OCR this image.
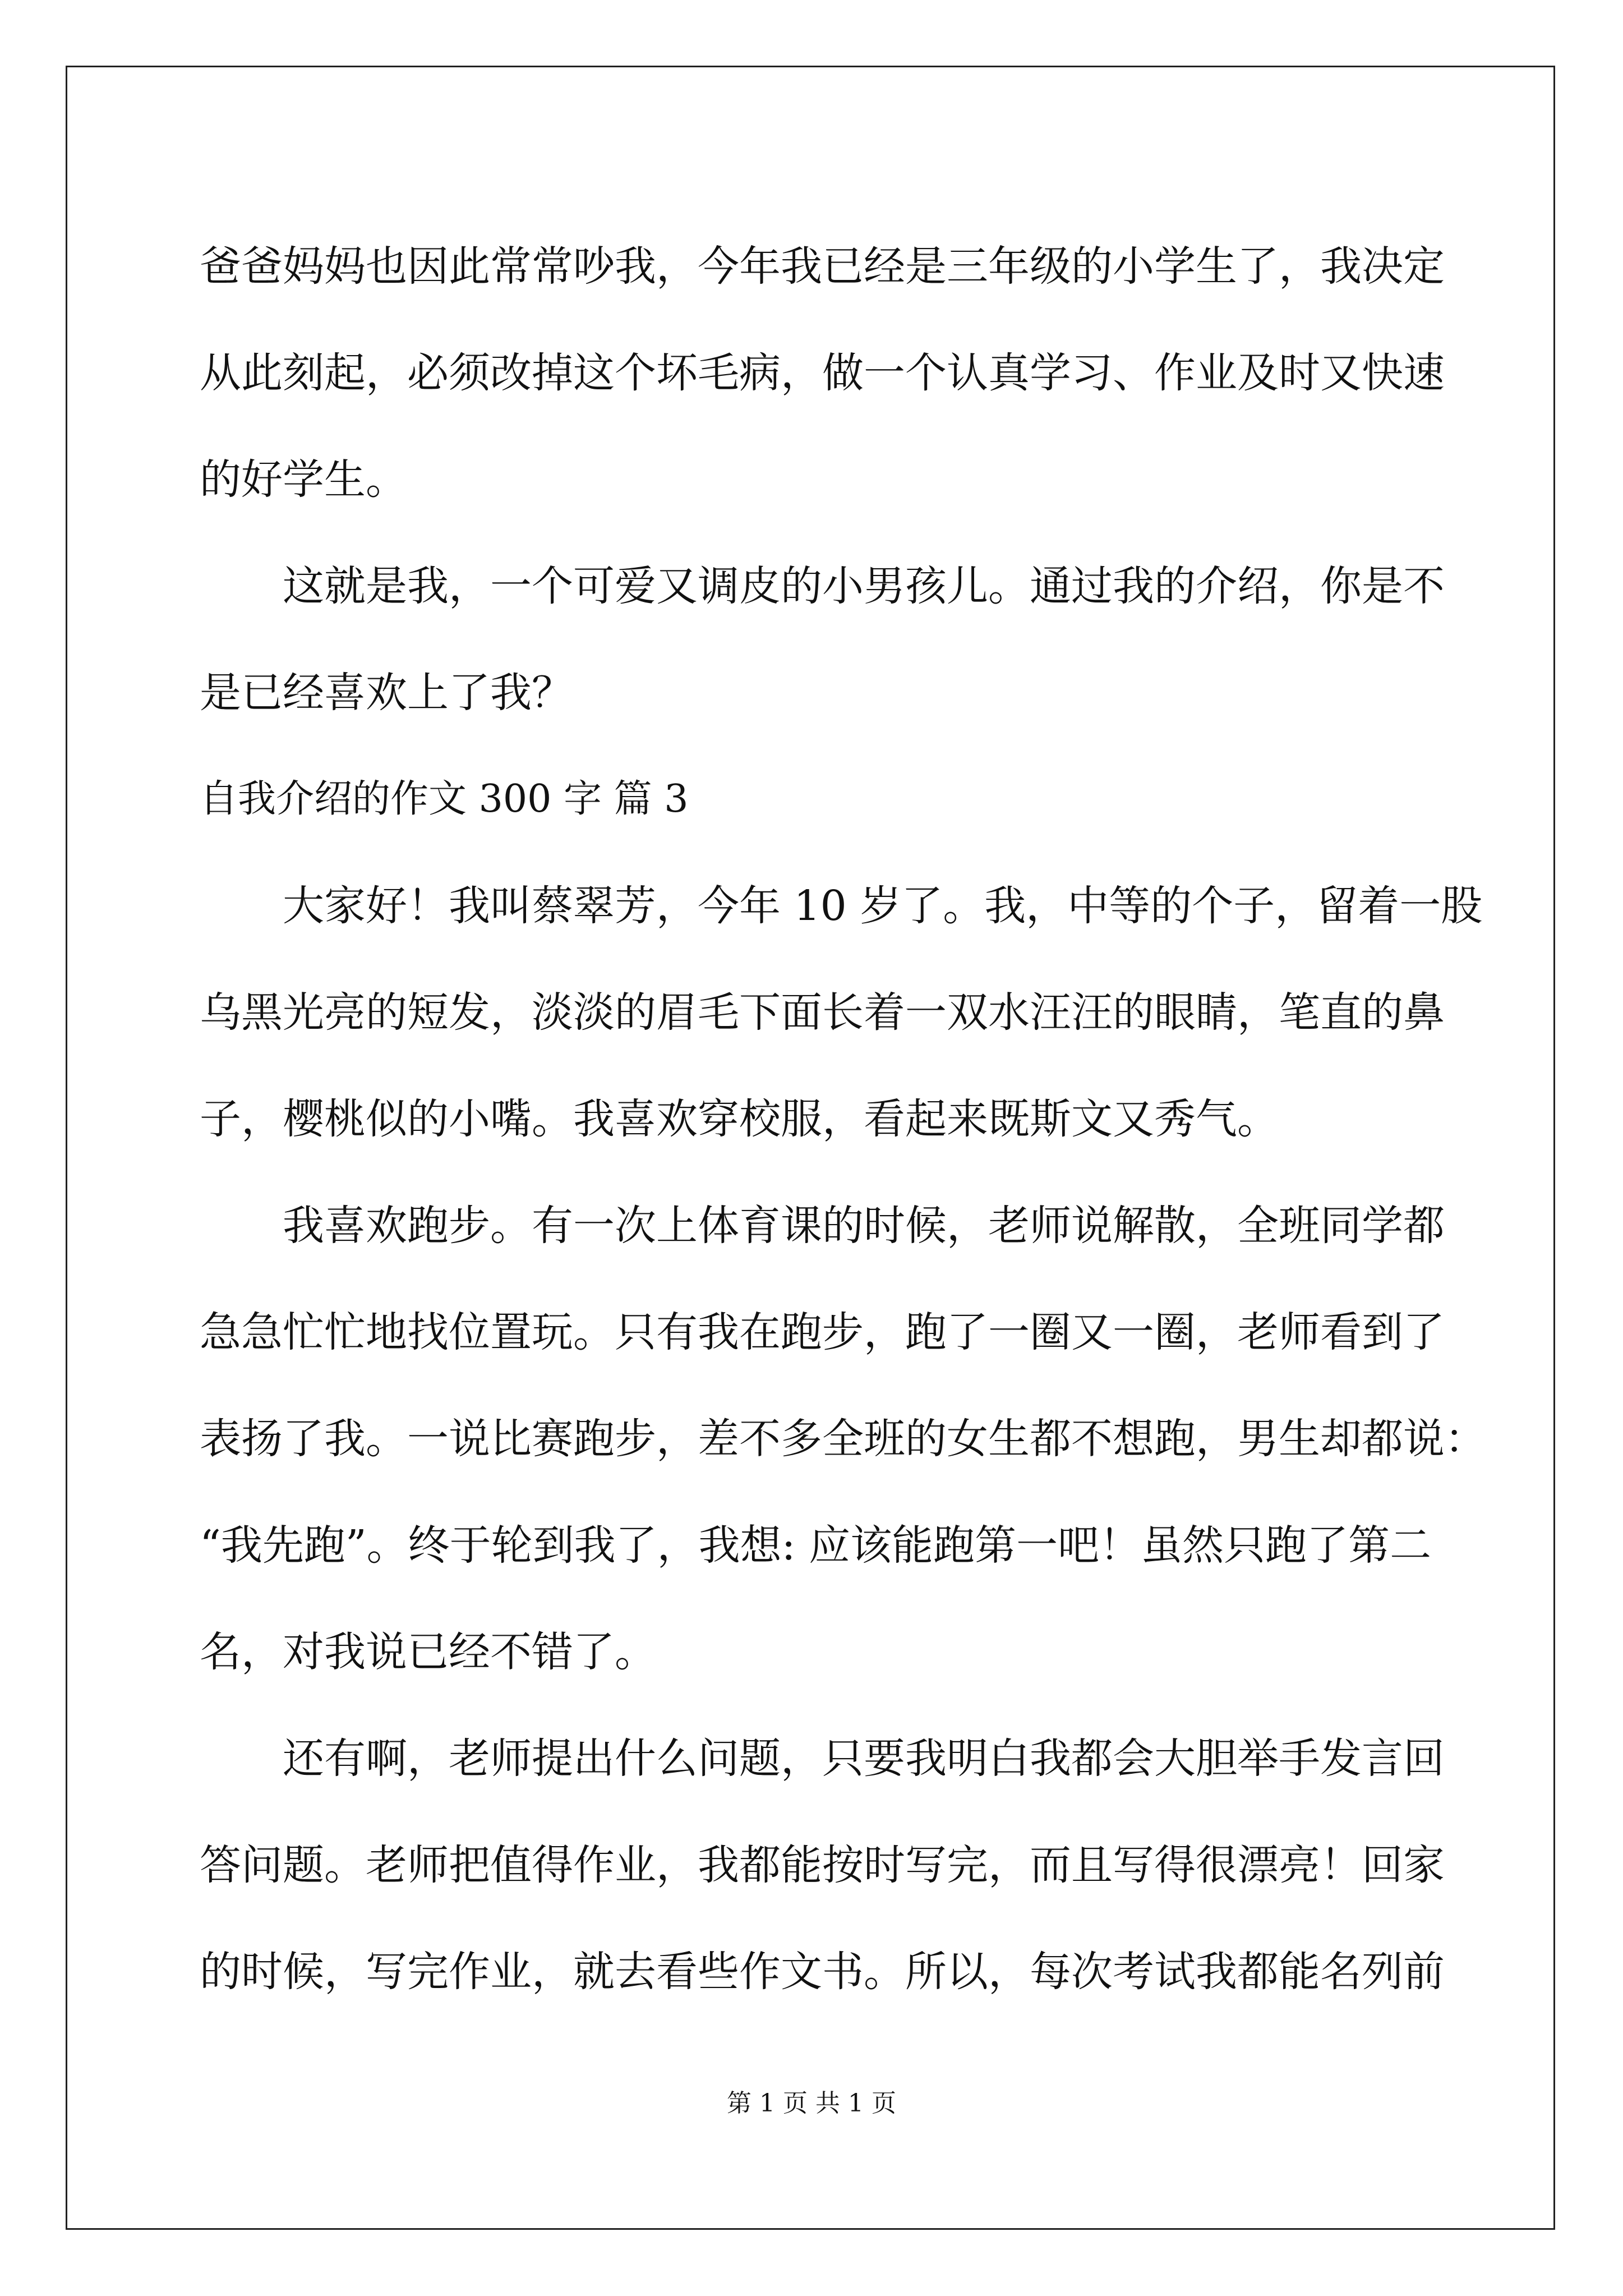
爸爸妈妈也因此常常吵我，今年我已经是三年级的小学生了，我决定
从此刻起，必须改掉这个坏毛病，做一个认真学习、作业及时又快速
的好学生。
这就是我，一个可爱又调皮的小男孩儿。通过我的介绍，你是不
是已经喜欢上了我？
自我介绍的作文 300 字 篇 3
大家好！我叫蔡翠芳，今年 10 岁了。我，中等的个子，留着一股
乌黑光亮的短发，淡淡的眉毛下面长着一双水汪汪的眼睛，笔直的鼻
子，樱桃似的小嘴。我喜欢穿校服，看起来既斯文又秀气。
我喜欢跑步。有一次上体育课的时候，老师说解散，全班同学都
急急忙忙地找位置玩。只有我在跑步，跑了一圈又一圈，老师看到了
表扬了我。一说比赛跑步，差不多全班的女生都不想跑，男生却都说：
“我先跑”。终于轮到我了，我想: 应该能跑第一吧！虽然只跑了第二
名，对我说已经不错了。
还有啊，老师提出什么问题，只要我明白我都会大胆举手发言回
答问题。老师把值得作业，我都能按时写完，而且写得很漂亮！回家
的时候，写完作业，就去看些作文书。所以，每次考试我都能名列前
第 1 页 共 1 页
